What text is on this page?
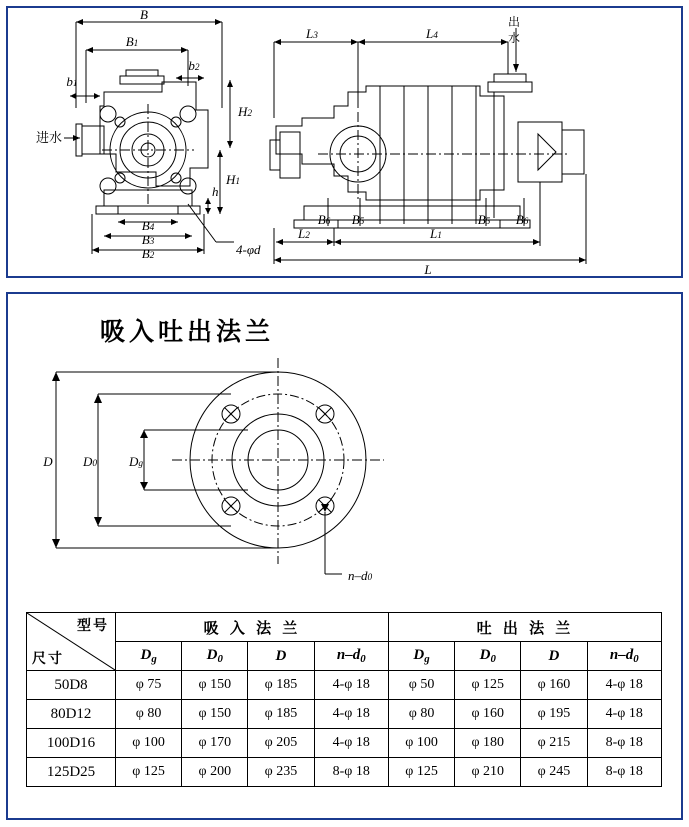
B
B1
b1
b2
H2
H1
h
B4
B3
B2	4-φd
进水
L3	L4
L2	L1
L
B6 B5	B5 B6
出
水
吸入吐出法兰
D D0 Dg
n–d0
型号
尺寸	吸 入 法 兰				吐 出 法 兰			
	$D_g$	$D_0$	D	$n-d_0$	$D_g$	$D_0$	D	$n-d_0$
50D8	φ 75	φ 150	φ 185	4-φ 18	φ 50	φ 125	φ 160	4-φ 18
80D12	φ 80	φ 150	φ 185	4-φ 18	φ 80	φ 160	φ 195	4-φ 18
100D16	φ 100	φ 170	φ 205	4-φ 18	φ 100	φ 180	φ 215	8-φ 18
125D25	φ 125	φ 200	φ 235	8-φ 18	φ 125	φ 210	φ 245	8-φ 18
